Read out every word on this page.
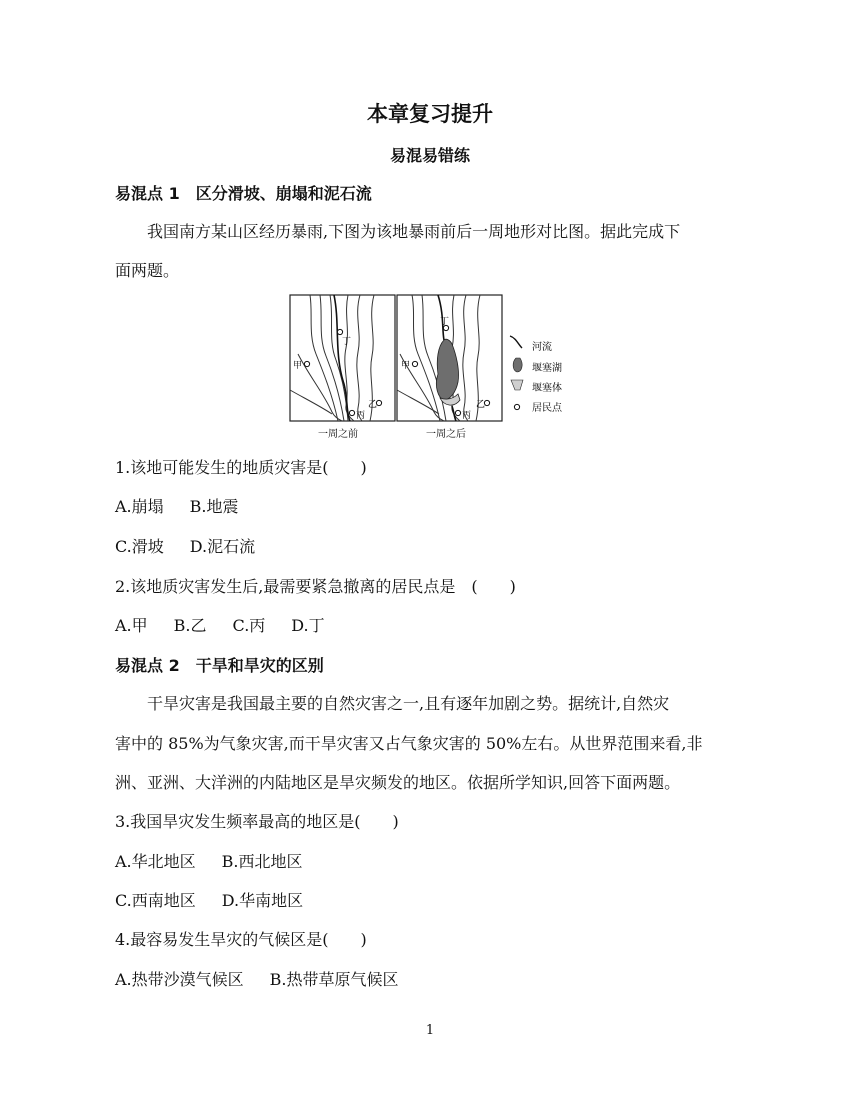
本章复习提升
易混易错练
易混点 1　区分滑坡、崩塌和泥石流
我国南方某山区经历暴雨,下图为该地暴雨前后一周地形对比图。据此完成下
面两题。
甲
丁
乙
丙
一周之前
甲
丁
乙
丙
一周之后
河流
堰塞湖
堰塞体
居民点
1.该地可能发生的地质灾害是(　　)
A.崩塌 B.地震
C.滑坡 D.泥石流
2.该地质灾害发生后,最需要紧急撤离的居民点是　(　　)
A.甲 B.乙 C.丙 D.丁
易混点 2　干旱和旱灾的区别
干旱灾害是我国最主要的自然灾害之一,且有逐年加剧之势。据统计,自然灾
害中的 85%为气象灾害,而干旱灾害又占气象灾害的 50%左右。从世界范围来看,非
洲、亚洲、大洋洲的内陆地区是旱灾频发的地区。依据所学知识,回答下面两题。
3.我国旱灾发生频率最高的地区是(　　)
A.华北地区 B.西北地区
C.西南地区 D.华南地区
4.最容易发生旱灾的气候区是(　　)
A.热带沙漠气候区 B.热带草原气候区
1
